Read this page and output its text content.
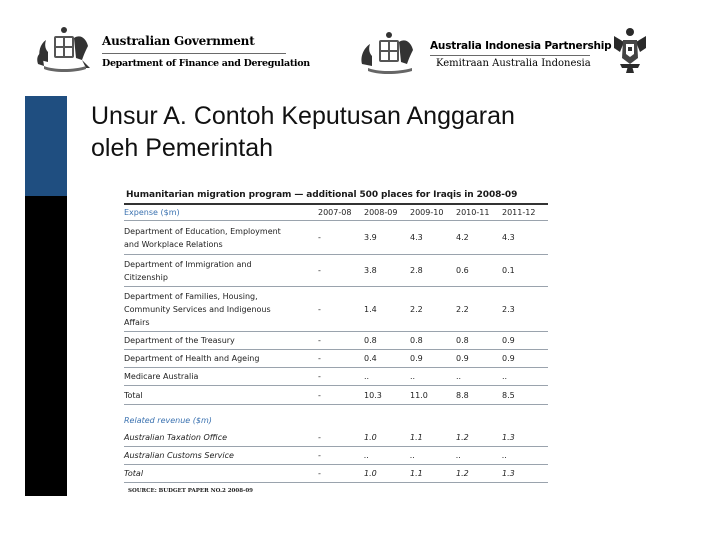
Australian Government
Department of Finance and Deregulation
Australia Indonesia Partnership
Kemitraan Australia Indonesia
Unsur A. Contoh Keputusan Anggaran
oleh Pemerintah
Humanitarian migration program — additional 500 places for Iraqis in 2008-09
Expense ($m)	2007-08	2008-09	2009-10	2010-11	2011-12

Department of Education, Employment
and Workplace Relations	-	3.9	4.3	4.2	4.3

Department of Immigration and
Citizenship	-	3.8	2.8	0.6	0.1

Department of Families, Housing,
Community Services and Indigenous
Affairs	-	1.4	2.2	2.2	2.3
Department of the Treasury	-	0.8	0.8	0.8	0.9
Department of Health and Ageing	-	0.4	0.9	0.9	0.9
Medicare Australia	-	..	..	..	..
Total	-	10.3	11.0	8.8	8.5
Related revenue ($m)					
Australian Taxation Office	-	1.0	1.1	1.2	1.3
Australian Customs Service	-	..	..	..	..
Total	-	1.0	1.1	1.2	1.3
SOURCE: BUDGET PAPER NO.2 2008-09
